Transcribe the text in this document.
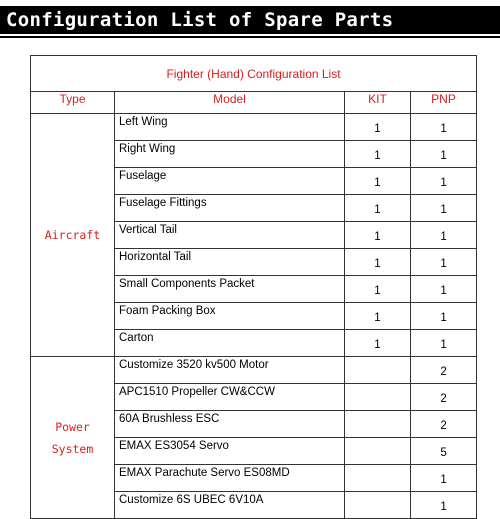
Configuration List of Spare Parts
Fighter (Hand) Configuration List			
Type	Model	KIT	PNP
Aircraft	Left Wing	1	1
	Right Wing	1	1
	Fuselage	1	1
	Fuselage Fittings	1	1
	Vertical Tail	1	1
	Horizontal Tail	1	1
	Small Components Packet	1	1
	Foam Packing Box	1	1
	Carton	1	1
Power System	Customize 3520 kv500 Motor		2
	APC1510 Propeller CW&CCW		2
	60A Brushless ESC		2
	EMAX ES3054 Servo		5
	EMAX Parachute Servo ES08MD		1
	Customize 6S UBEC 6V10A		1
